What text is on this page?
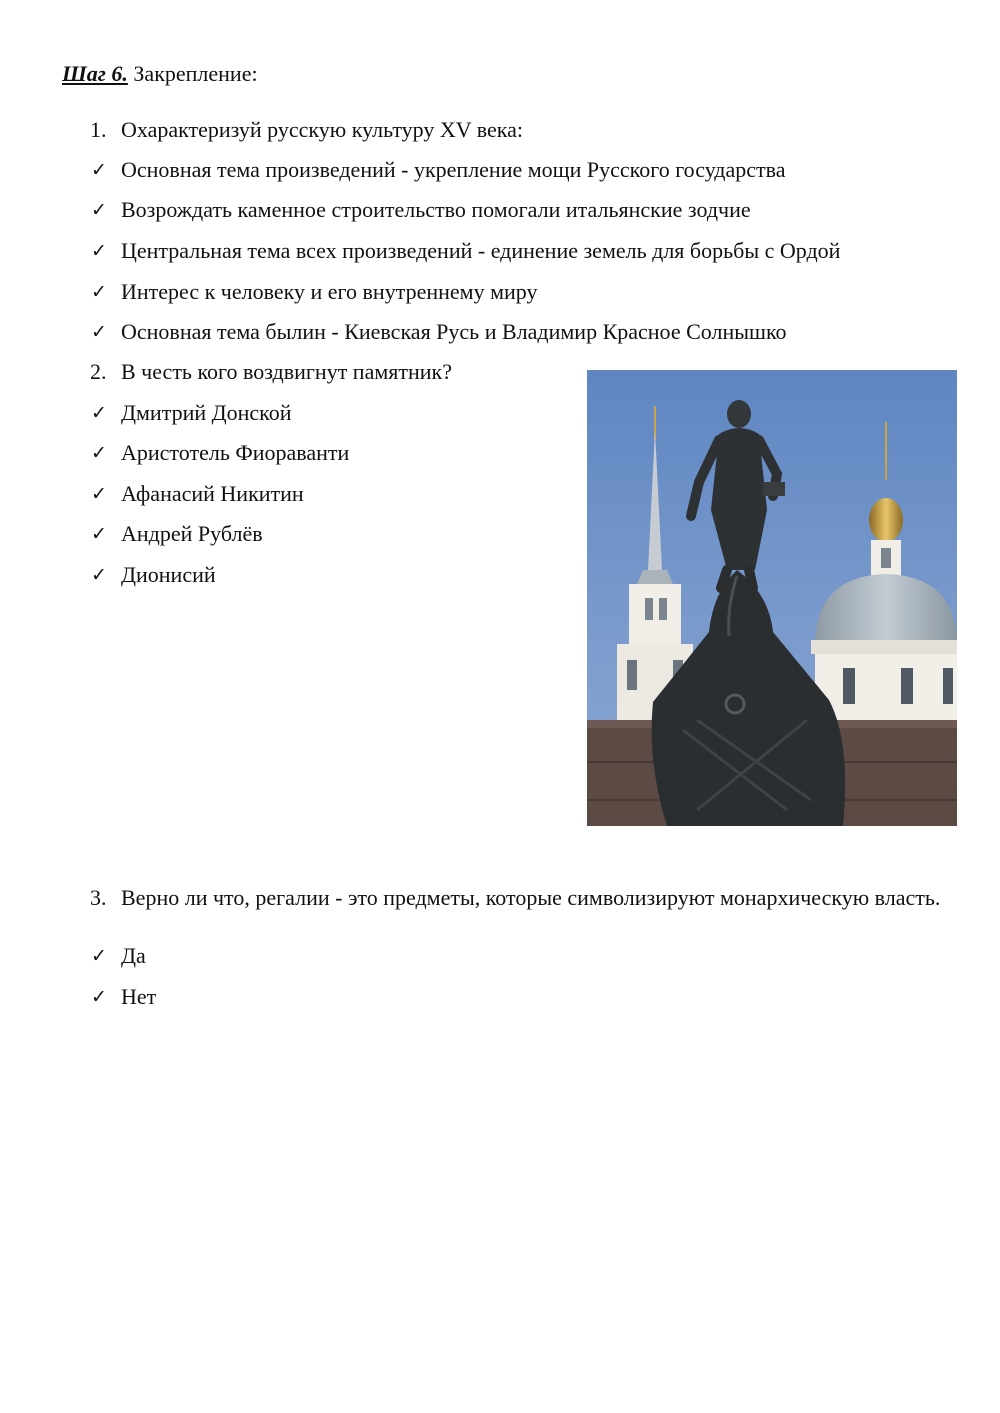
Шаг 6. Закрепление:
1. Охарактеризуй русскую культуру XV века:
✓ Основная тема произведений - укрепление мощи Русского государства
✓ Возрождать каменное строительство помогали итальянские зодчие
✓ Центральная тема всех произведений - единение земель для борьбы с Ордой
✓ Интерес к человеку и его внутреннему миру
✓ Основная тема былин - Киевская Русь и Владимир Красное Солнышко
2. В честь кого воздвигнут памятник?
✓ Дмитрий Донской
✓ Аристотель Фиораванти
✓ Афанасий Никитин
✓ Андрей Рублёв
✓ Дионисий
3. Верно ли что, регалии - это предметы, которые символизируют монархическую власть.
✓ Да
✓ Нет
